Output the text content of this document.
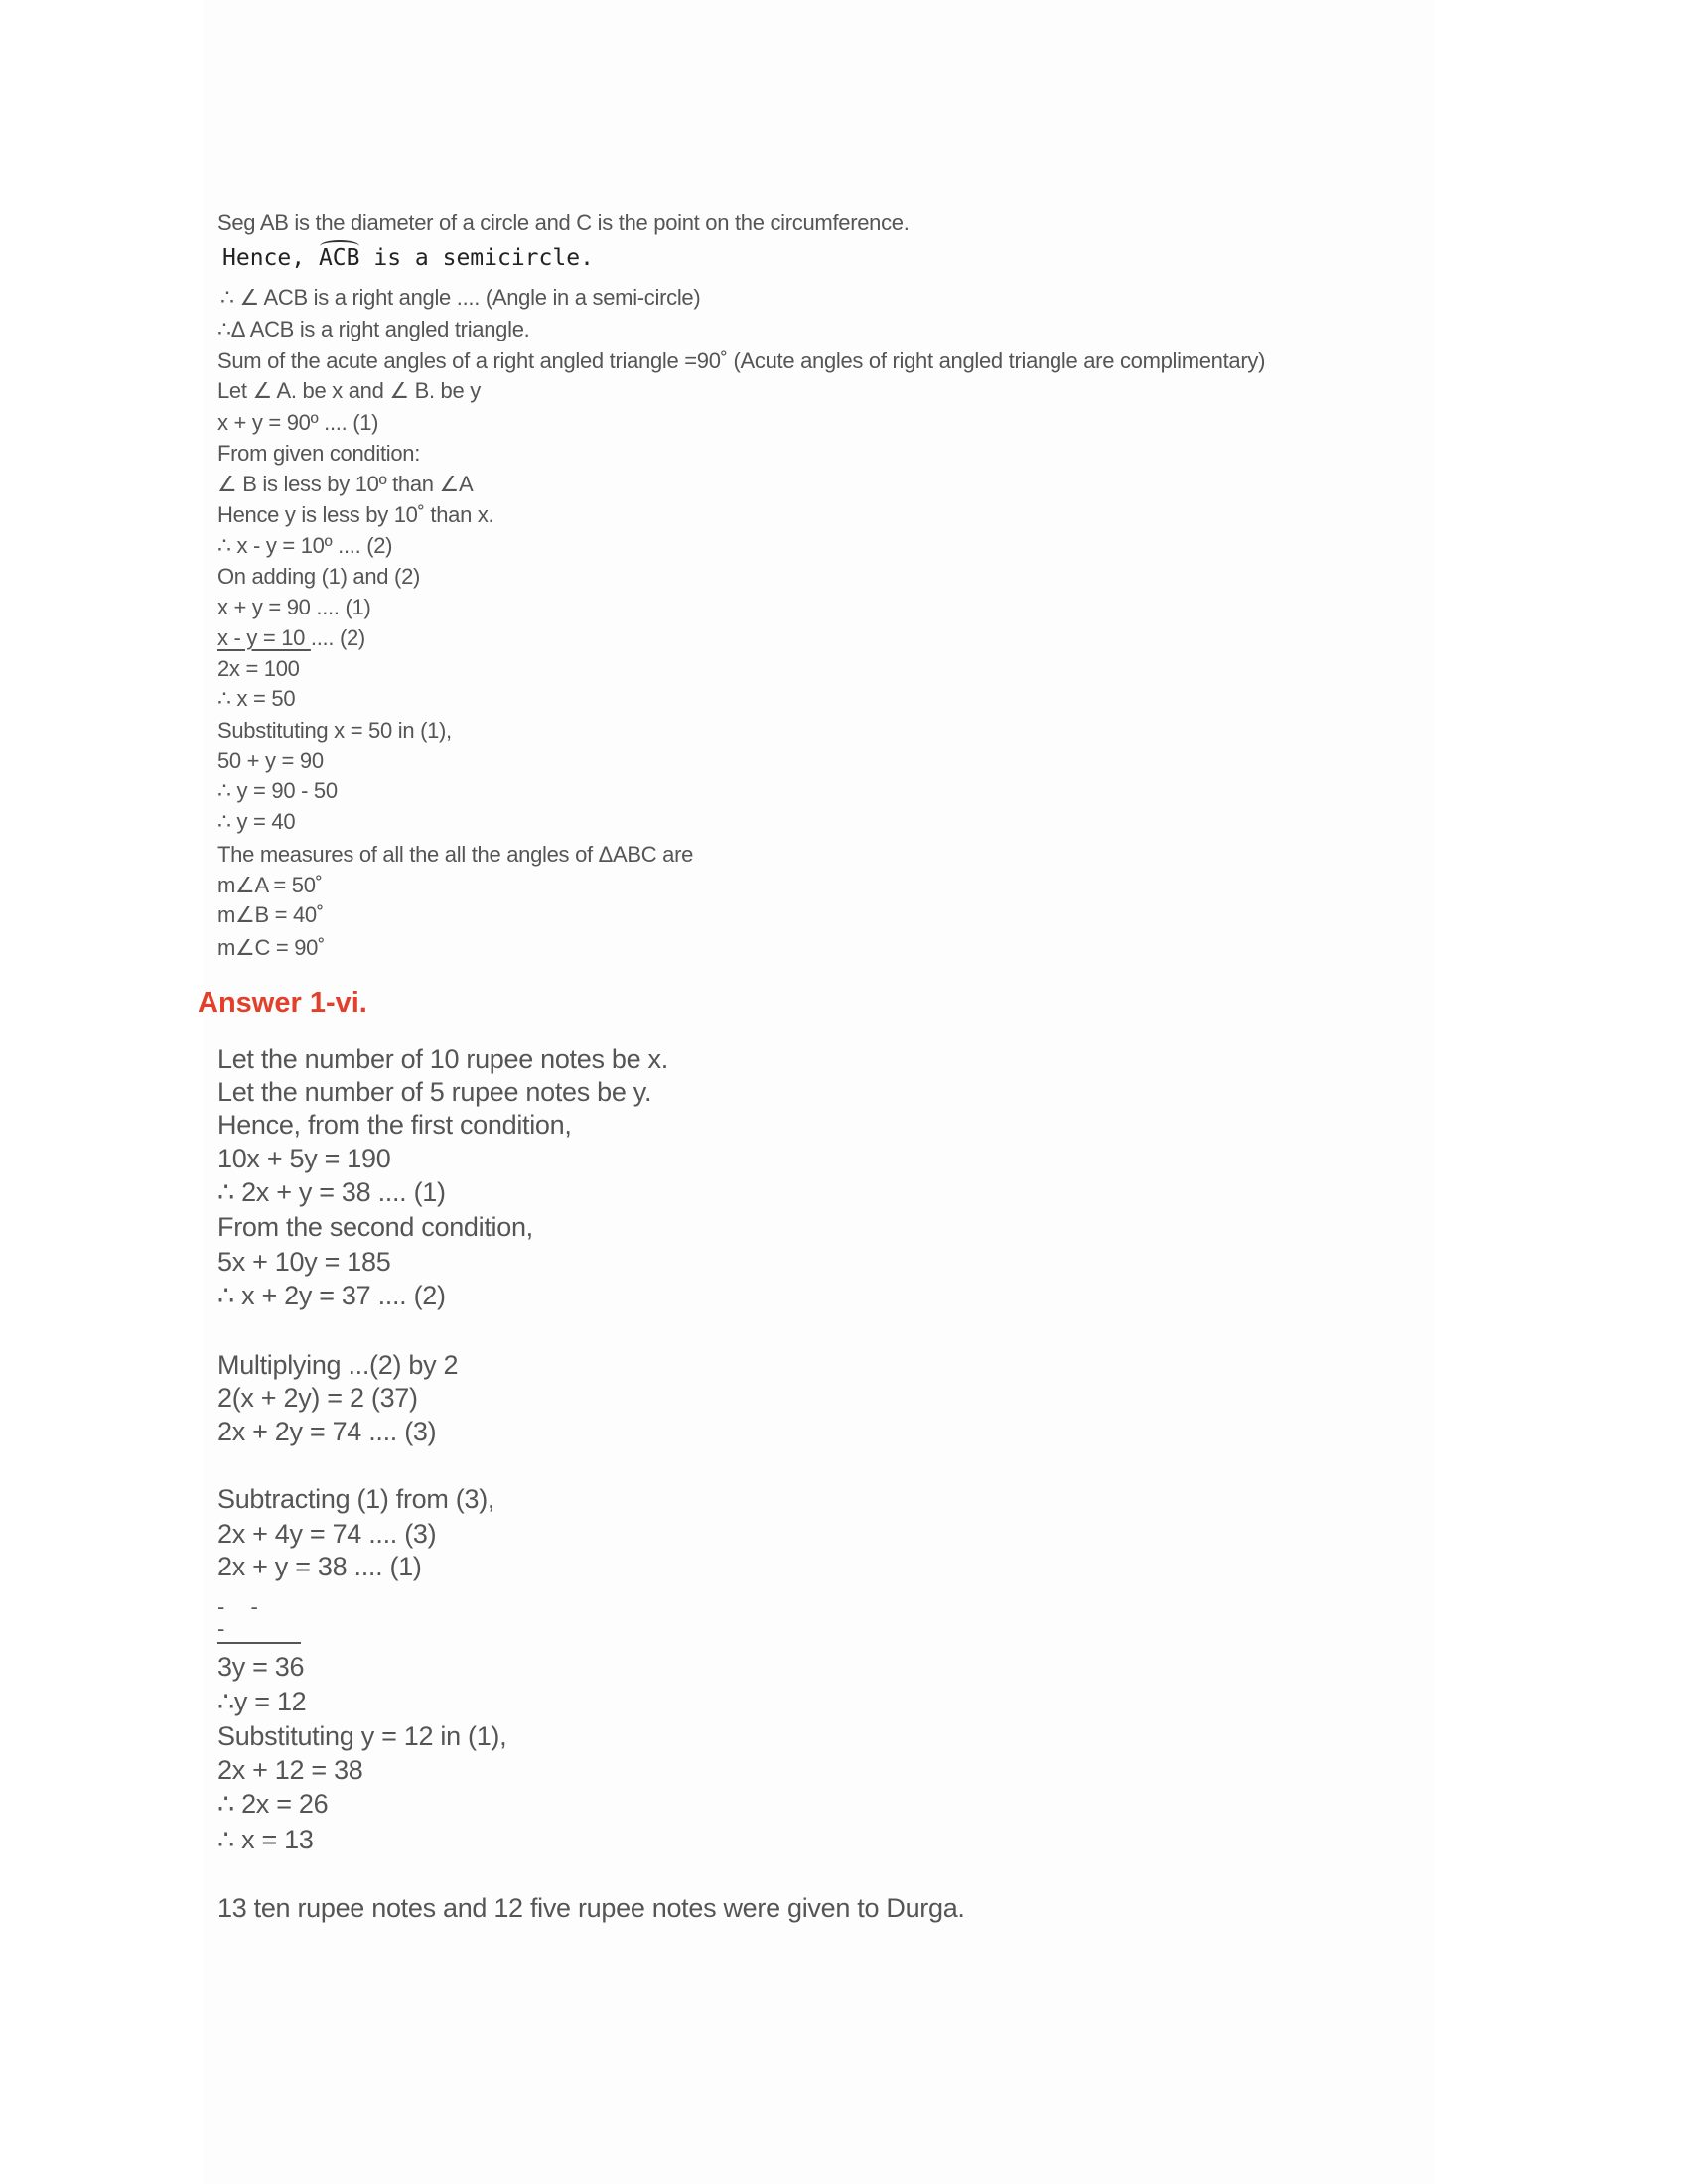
Seg AB is the diameter of a circle and C is the point on the circumference.
Hence, ACB is a semicircle.
∴ ∠ ACB is a right angle .... (Angle in a semi-circle)
∴Δ ACB is a right angled triangle.
Sum of the acute angles of a right angled triangle =90˚ (Acute angles of right angled triangle are complimentary)
Let ∠ A. be x and ∠ B. be y
x + y = 90º .... (1)
From given condition:
∠ B is less by 10º than ∠A
Hence y is less by 10˚ than x.
∴ x - y = 10º .... (2)
On adding (1) and (2)
x + y = 90 .... (1)
x - y = 10 .... (2)
2x = 100
∴ x = 50
Substituting x = 50 in (1),
50 + y = 90
∴ y = 90 - 50
∴ y = 40
The measures of all the all the angles of ΔABC are
m∠A = 50˚
m∠B = 40˚
m∠C = 90˚
Answer 1-vi.
Let the number of 10 rupee notes be x.
Let the number of 5 rupee notes be y.
Hence, from the first condition,
10x + 5y = 190
∴ 2x + y = 38 .... (1)
From the second condition,
5x + 10y = 185
∴ x + 2y = 37 .... (2)
Multiplying ...(2) by 2
2(x + 2y) = 2 (37)
2x + 2y = 74 .... (3)
Subtracting (1) from (3),
2x + 4y = 74 .... (3)
2x + y = 38 .... (1)
- - -
3y = 36
∴y = 12
Substituting y = 12 in (1),
2x + 12 = 38
∴ 2x = 26
∴ x = 13
13 ten rupee notes and 12 five rupee notes were given to Durga.
